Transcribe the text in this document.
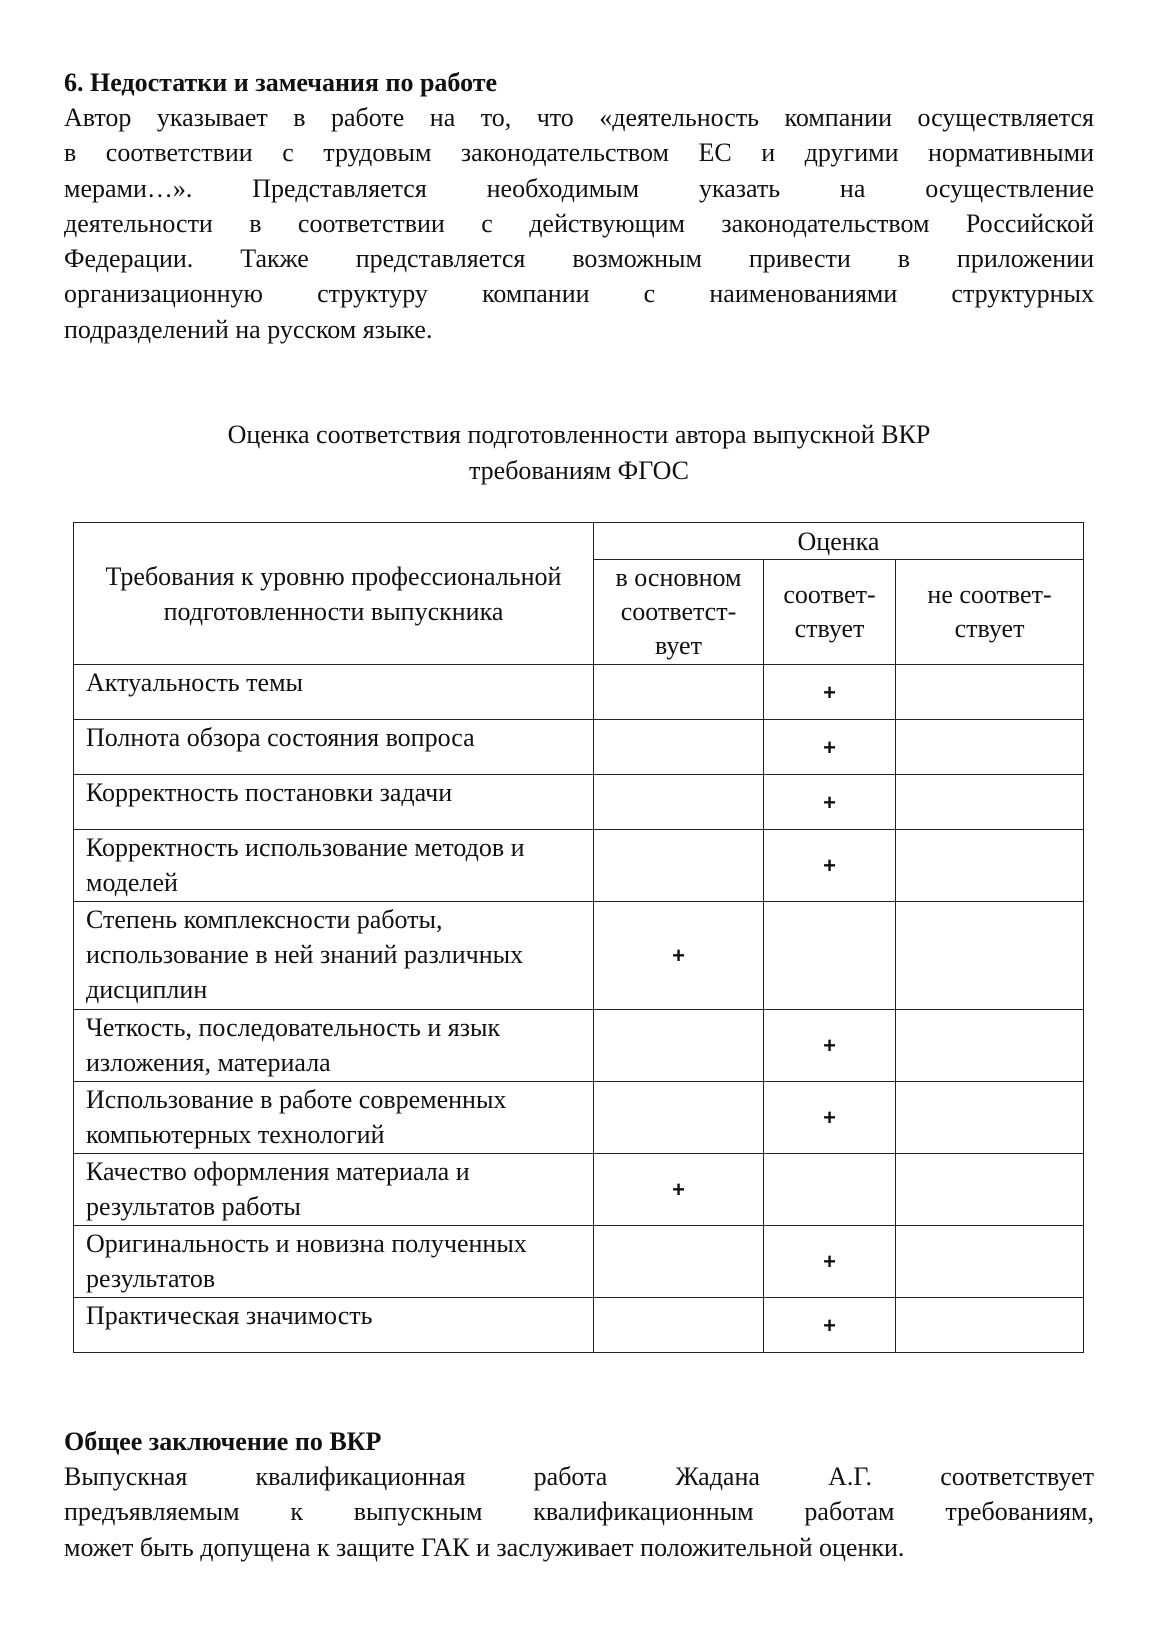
6. Недостатки и замечания по работе
Автор указывает в работе на то, что «деятельность компании осуществляется
в соответствии с трудовым законодательством ЕС и другими нормативными
мерами…». Представляется необходимым указать на осуществление
деятельности в соответствии с действующим законодательством Российской
Федерации. Также представляется возможным привести в приложении
организационную структуру компании с наименованиями структурных
подразделений на русском языке.
Оценка соответствия подготовленности автора выпускной ВКР
требованиям ФГОС
Требования к уровню профессиональной подготовленности выпускника	Оценка		

	в основном соответст-вует	соответ-ствует	не соответ-ствует

Актуальность темы		+	
Полнота обзора состояния вопроса		+	
Корректность постановки задачи		+	
Корректность использование методов и моделей		+	
Степень комплексности работы, использование в ней знаний различных дисциплин	+		
Четкость, последовательность и язык изложения, материала		+	
Использование в работе современных компьютерных технологий		+	
Качество оформления материала и результатов работы	+		
Оригинальность и новизна полученных результатов		+	
Практическая значимость		+	
Общее заключение по ВКР
Выпускная квалификационная работа Жадана А.Г. соответствует
предъявляемым к выпускным квалификационным работам требованиям,
может быть допущена к защите ГАК и заслуживает положительной оценки.
